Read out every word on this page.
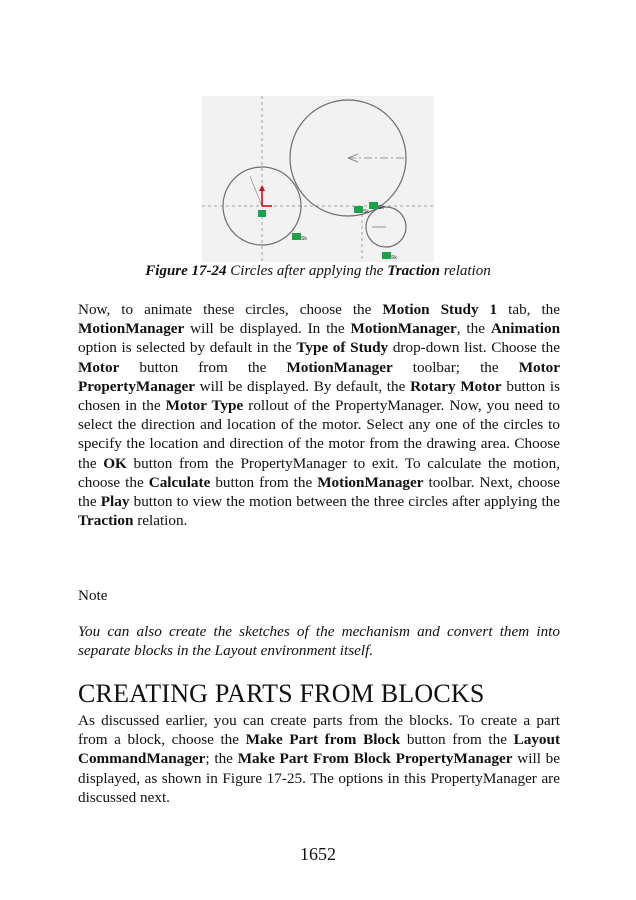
Sk
Sk
Sk
Sk
Figure 17-24 Circles after applying the Traction relation

Now, to animate these circles, choose the Motion Study 1 tab, the MotionManager will be displayed. In the MotionManager, the Animation option is selected by default in the Type of Study drop-down list. Choose the Motor button from the MotionManager toolbar; the Motor PropertyManager will be displayed. By default, the Rotary Motor button is chosen in the Motor Type rollout of the PropertyManager. Now, you need to select the direction and location of the motor. Select any one of the circles to specify the location and direction of the motor from the drawing area. Choose the OK button from the PropertyManager to exit. To calculate the motion, choose the Calculate button from the MotionManager toolbar. Next, choose the Play button to view the motion between the three circles after applying the Traction relation.

Note

You can also create the sketches of the mechanism and convert them into separate blocks in the Layout environment itself.

CREATING PARTS FROM BLOCKS

As discussed earlier, you can create parts from the blocks. To create a part from a block, choose the Make Part from Block button from the Layout CommandManager; the Make Part From Block PropertyManager will be displayed, as shown in Figure 17-25. The options in this PropertyManager are discussed next.

1652
